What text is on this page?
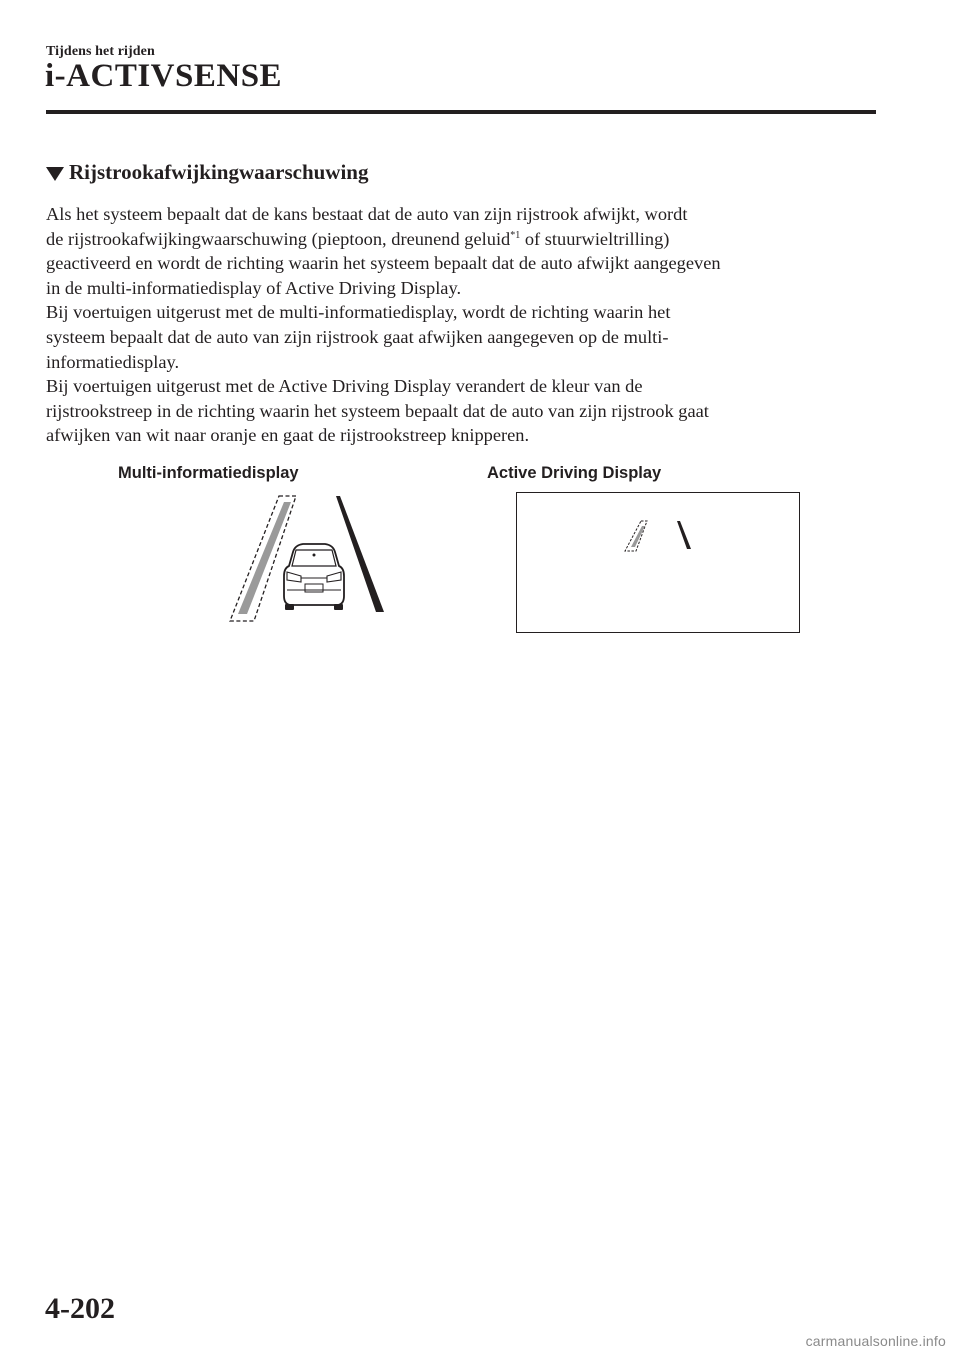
Tijdens het rijden
i-ACTIVSENSE
Rijstrookafwijkingwaarschuwing

Als het systeem bepaalt dat de kans bestaat dat de auto van zijn rijstrook afwijkt, wordt
de rijstrookafwijkingwaarschuwing (pieptoon, dreunend geluid$^{*1}$ of stuurwieltrilling)
geactiveerd en wordt de richting waarin het systeem bepaalt dat de auto afwijkt aangegeven
in de multi-informatiedisplay of Active Driving Display.

Bij voertuigen uitgerust met de multi-informatiedisplay, wordt de richting waarin het
systeem bepaalt dat de auto van zijn rijstrook gaat afwijken aangegeven op de multi-
informatiedisplay.

Bij voertuigen uitgerust met de Active Driving Display verandert de kleur van de
rijstrookstreep in de richting waarin het systeem bepaalt dat de auto van zijn rijstrook gaat
afwijken van wit naar oranje en gaat de rijstrookstreep knipperen.

Multi-informatiedisplay	Active Driving Display
4-202
carmanualsonline.info
